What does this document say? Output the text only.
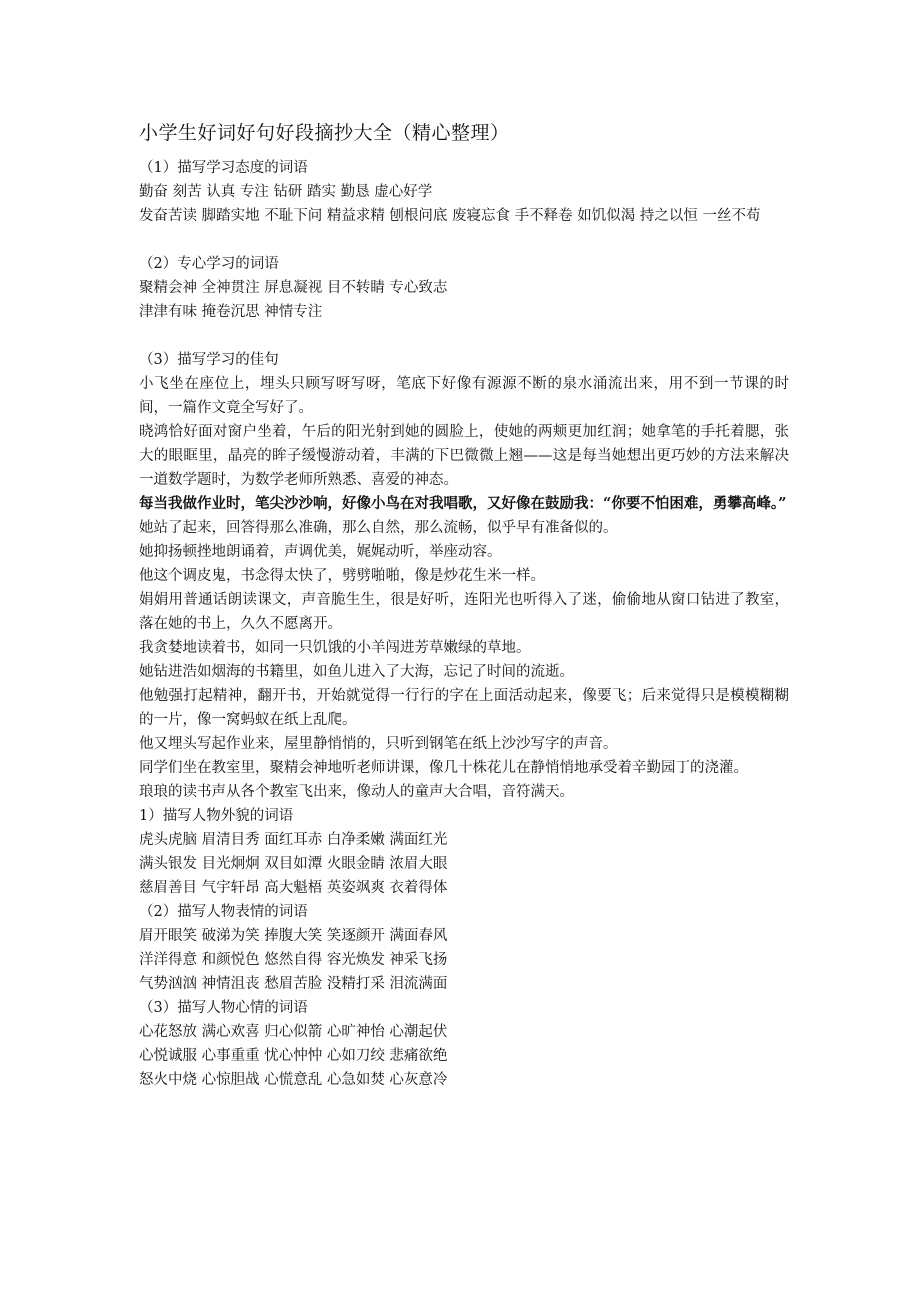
小学生好词好句好段摘抄大全（精心整理）

（1）描写学习态度的词语

勤奋 刻苦 认真 专注 钻研 踏实 勤恳 虚心好学

发奋苦读 脚踏实地 不耻下问 精益求精 刨根问底 废寝忘食 手不释卷 如饥似渴 持之以恒 一丝不苟

（2）专心学习的词语

聚精会神 全神贯注 屏息凝视 目不转睛 专心致志

津津有味 掩卷沉思 神情专注

（3）描写学习的佳句

小飞坐在座位上，埋头只顾写呀写呀，笔底下好像有源源不断的泉水涌流出来，用不到一节课的时间，一篇作文竟全写好了。

晓鸿恰好面对窗户坐着，午后的阳光射到她的圆脸上，使她的两颊更加红润；她拿笔的手托着腮，张大的眼眶里，晶亮的眸子缓慢游动着，丰满的下巴微微上翘——这是每当她想出更巧妙的方法来解决一道数学题时，为数学老师所熟悉、喜爱的神态。

每当我做作业时，笔尖沙沙响，好像小鸟在对我唱歌，又好像在鼓励我：“你要不怕困难，勇攀高峰。”

她站了起来，回答得那么准确，那么自然，那么流畅，似乎早有准备似的。

她抑扬顿挫地朗诵着，声调优美，娓娓动听，举座动容。

他这个调皮鬼，书念得太快了，劈劈啪啪，像是炒花生米一样。

娟娟用普通话朗读课文，声音脆生生，很是好听，连阳光也听得入了迷，偷偷地从窗口钻进了教室，落在她的书上，久久不愿离开。

我贪婪地读着书，如同一只饥饿的小羊闯进芳草嫩绿的草地。

她钻进浩如烟海的书籍里，如鱼儿进入了大海，忘记了时间的流逝。

他勉强打起精神，翻开书，开始就觉得一行行的字在上面活动起来，像要飞；后来觉得只是模模糊糊的一片，像一窝蚂蚁在纸上乱爬。

他又埋头写起作业来，屋里静悄悄的，只听到钢笔在纸上沙沙写字的声音。

同学们坐在教室里，聚精会神地听老师讲课，像几十株花儿在静悄悄地承受着辛勤园丁的浇灌。

琅琅的读书声从各个教室飞出来，像动人的童声大合唱，音符满天。

1）描写人物外貌的词语

虎头虎脑 眉清目秀 面红耳赤 白净柔嫩 满面红光

满头银发 目光炯炯 双目如潭 火眼金睛 浓眉大眼

慈眉善目 气宇轩昂 高大魁梧 英姿飒爽 衣着得体

（2）描写人物表情的词语

眉开眼笑 破涕为笑 捧腹大笑 笑逐颜开 满面春风

洋洋得意 和颜悦色 悠然自得 容光焕发 神采飞扬

气势汹汹 神情沮丧 愁眉苦脸 没精打采 泪流满面

（3）描写人物心情的词语

心花怒放 满心欢喜 归心似箭 心旷神怡 心潮起伏

心悦诚服 心事重重 忧心忡忡 心如刀绞 悲痛欲绝

怒火中烧 心惊胆战 心慌意乱 心急如焚 心灰意冷
